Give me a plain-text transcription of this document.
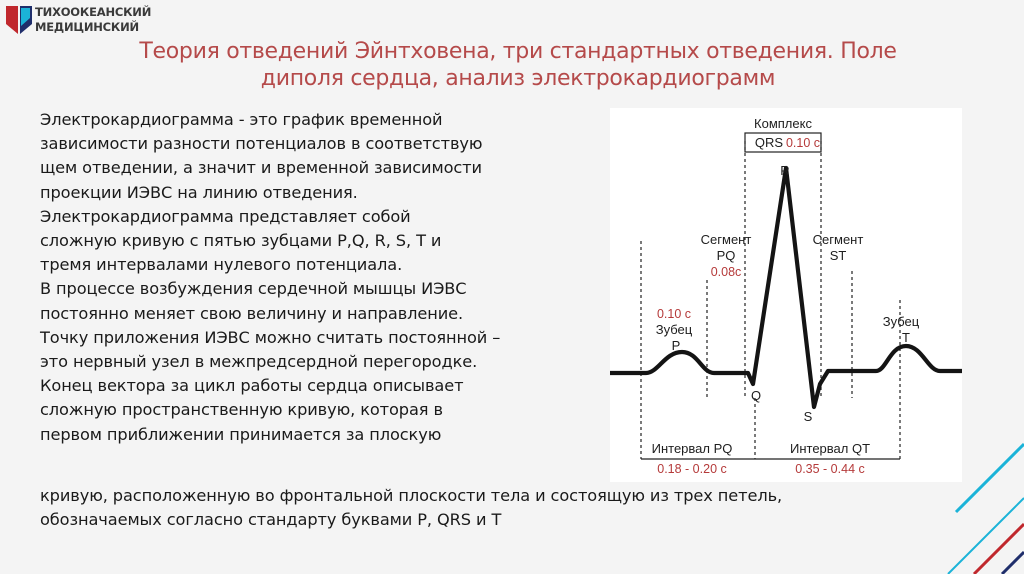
ТИХООКЕАНСКИЙ
МЕДИЦИНСКИЙ
Теория отведений Эйнтховена, три стандартных отведения. Поле
диполя сердца, анализ электрокардиограмм
Электрокардиограмма - это график временной
зависимости разности потенциалов в соответствую
щем отведении, а значит и временной зависимости
проекции ИЭВС на линию отведения.
Электрокардиограмма представляет собой
сложную кривую с пятью зубцами P,Q, R, S, T и
тремя интервалами нулевого потенциала.
В процессе возбуждения сердечной мышцы ИЭВС
постоянно меняет свою величину и направление.
Точку приложения ИЭВС можно считать постоянной –
это нервный узел в межпредсердной перегородке.
Конец вектора за цикл работы сердца описывает
сложную пространственную кривую, которая в
первом приближении принимается за плоскую
кривую, расположенную во фронтальной плоскости тела и состоящую из трех петель,
обозначаемых согласно стандарту буквами P, QRS и T
Комплекс
QRS 0.10 с
R
Сегмент
PQ
0.08с
Сегмент
ST
0.10 с
Зубец
P
Зубец
T
Q
S
Интервал PQ
0.18 - 0.20 с
Интервал QT
0.35 - 0.44 с
